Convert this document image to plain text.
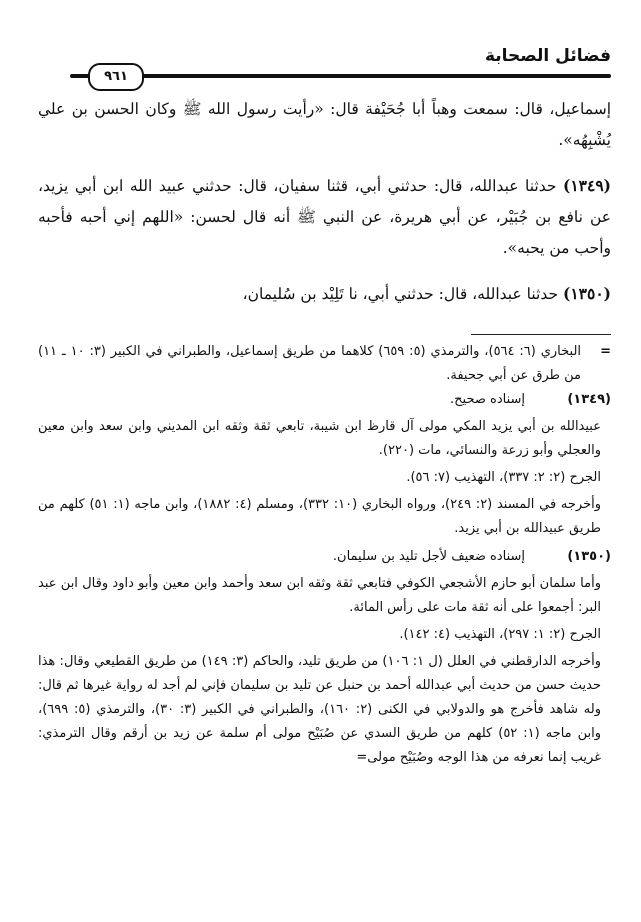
فضائل الصحابة
٩٦١

إسماعيل، قال: سمعت وهباً أبا جُحَيْفة قال: «رأيت رسول الله ﷺ وكان الحسن بن علي يُشْبِهُه».

(١٣٤٩) حدثنا عبدالله، قال: حدثني أبي، قثنا سفيان، قال: حدثني عبيد الله ابن أبي يزيد، عن نافع بن جُبَيْر، عن أبي هريرة، عن النبي ﷺ أنه قال لحسن: «اللهم إني أحبه فأحبه وأحب من يحبه».

(١٣٥٠) حدثنا عبدالله، قال: حدثني أبي، نا تَلِيْد بن سُليمان،

=
البخاري (٦: ٥٦٤)، والترمذي (٥: ٦٥٩) كلاهما من طريق إسماعيل، والطبراني في الكبير (٣: ١٠ ـ ١١) من طرق عن أبي جحيفة.
(١٣٤٩)
إسناده صحيح.
عبيدالله بن أبي يزيد المكي مولى آل قارظ ابن شيبة، تابعي ثقة وثقه ابن المديني وابن سعد وابن معين والعجلي وأبو زرعة والنسائي، مات (٢٢٠).
الجرح (٢: ٢: ٣٣٧)، التهذيب (٧: ٥٦).
وأخرجه في المسند (٢: ٢٤٩)، ورواه البخاري (١٠: ٣٣٢)، ومسلم (٤: ١٨٨٢)، وابن ماجه (١: ٥١) كلهم من طريق عبيدالله بن أبي يزيد.
(١٣٥٠)
إسناده ضعيف لأجل تليد بن سليمان.
وأما سلمان أبو حازم الأشجعي الكوفي فتابعي ثقة وثقه ابن سعد وأحمد وابن معين وأبو داود وقال ابن عبد البر: أجمعوا على أنه ثقة مات على رأس المائة.
الجرح (٢: ١: ٢٩٧)، التهذيب (٤: ١٤٢).
وأخرجه الدارقطني في العلل (ل ١: ١٠٦) من طريق تليد، والحاكم (٣: ١٤٩) من طريق القطيعي وقال: هذا حديث حسن من حديث أبي عبدالله أحمد بن حنبل عن تليد بن سليمان فإني لم أجد له رواية غيرها ثم قال: وله شاهد فأخرج هو والدولابي في الكنى (٢: ١٦٠)، والطبراني في الكبير (٣: ٣٠)، والترمذي (٥: ٦٩٩)، وابن ماجه (١: ٥٢) كلهم من طريق السدي عن صُبَيْح مولى أم سلمة عن زيد بن أرقم وقال الترمذي: غريب إنما نعرفه من هذا الوجه وصُبَيْح مولى=
